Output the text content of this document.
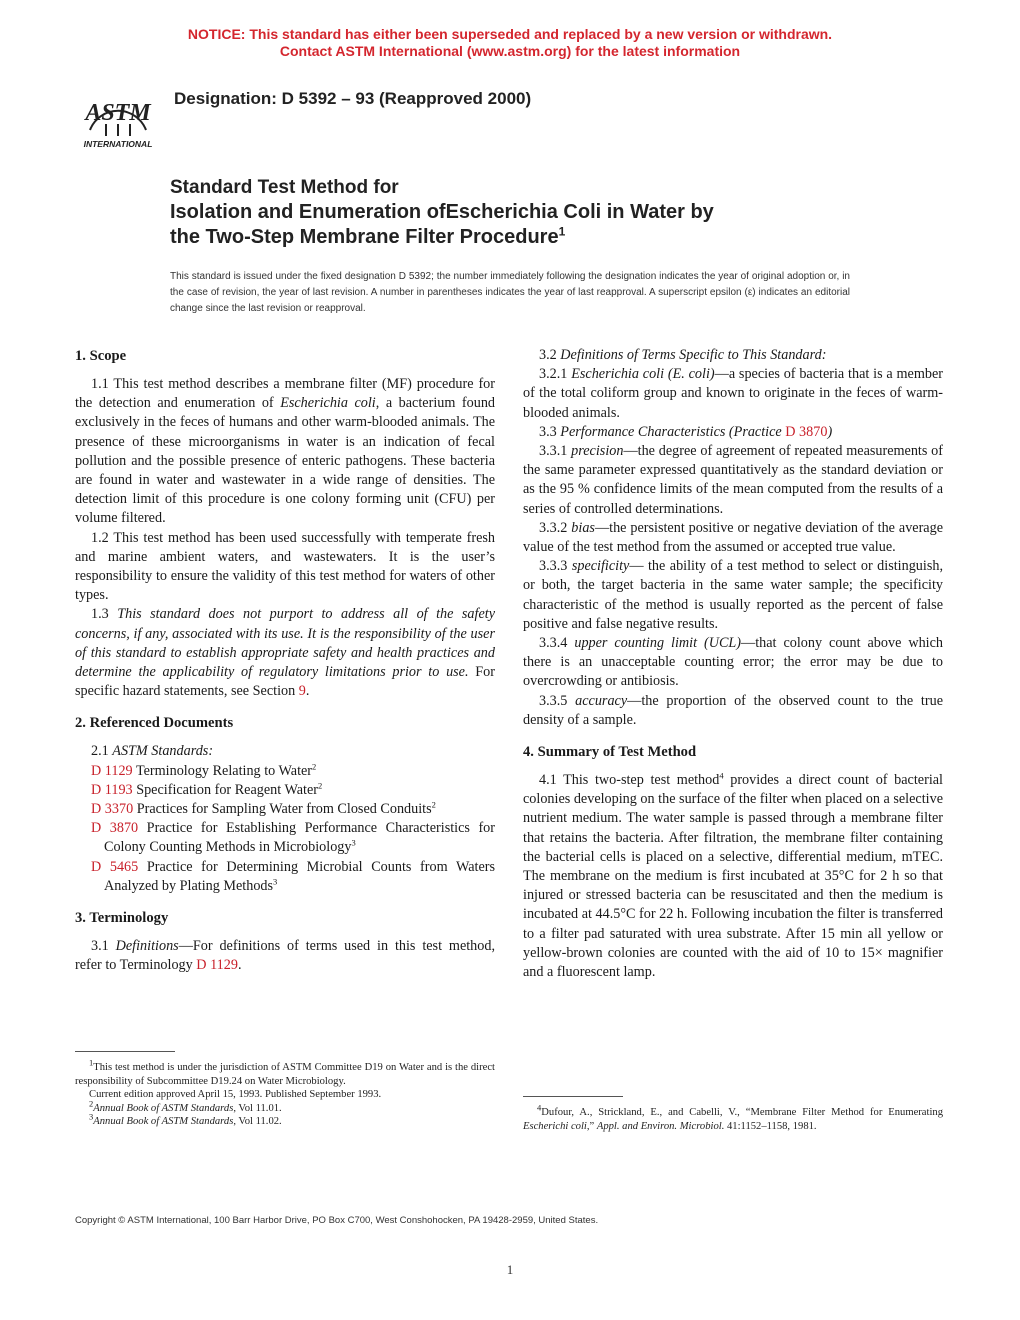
NOTICE: This standard has either been superseded and replaced by a new version or withdrawn.
Contact ASTM International (www.astm.org) for the latest information
ASTM
INTERNATIONAL
Designation: D 5392 – 93 (Reapproved 2000)
Standard Test Method for
Isolation and Enumeration ofEscherichia Coli in Water by
the Two-Step Membrane Filter Procedure$^1$
This standard is issued under the fixed designation D 5392; the number immediately following the designation indicates the year of original adoption or, in the case of revision, the year of last revision. A number in parentheses indicates the year of last reapproval. A superscript epsilon (ε) indicates an editorial change since the last revision or reapproval.
1. Scope

1.1 This test method describes a membrane filter (MF) procedure for the detection and enumeration of Escherichia coli, a bacterium found exclusively in the feces of humans and other warm-blooded animals. The presence of these microorganisms in water is an indication of fecal pollution and the possible presence of enteric pathogens. These bacteria are found in water and wastewater in a wide range of densities. The detection limit of this procedure is one colony forming unit (CFU) per volume filtered.

1.2 This test method has been used successfully with temperate fresh and marine ambient waters, and wastewaters. It is the user’s responsibility to ensure the validity of this test method for waters of other types.

1.3 This standard does not purport to address all of the safety concerns, if any, associated with its use. It is the responsibility of the user of this standard to establish appropriate safety and health practices and determine the applicability of regulatory limitations prior to use. For specific hazard statements, see Section 9.

2. Referenced Documents

2.1 ASTM Standards:

D 1129 Terminology Relating to Water$^2$

D 1193 Specification for Reagent Water$^2$

D 3370 Practices for Sampling Water from Closed Conduits$^2$

D 3870 Practice for Establishing Performance Characteristics for Colony Counting Methods in Microbiology$^3$

D 5465 Practice for Determining Microbial Counts from Waters Analyzed by Plating Methods$^3$

3. Terminology

3.1 Definitions—For definitions of terms used in this test method, refer to Terminology D 1129.

$^1$This test method is under the jurisdiction of ASTM Committee D19 on Water and is the direct responsibility of Subcommittee D19.24 on Water Microbiology.

Current edition approved April 15, 1993. Published September 1993.

$^2$Annual Book of ASTM Standards, Vol 11.01.

$^3$Annual Book of ASTM Standards, Vol 11.02.

3.2 Definitions of Terms Specific to This Standard:

3.2.1 Escherichia coli (E. coli)—a species of bacteria that is a member of the total coliform group and known to originate in the feces of warm-blooded animals.

3.3 Performance Characteristics (Practice D 3870)

3.3.1 precision—the degree of agreement of repeated measurements of the same parameter expressed quantitatively as the standard deviation or as the 95 % confidence limits of the mean computed from the results of a series of controlled determinations.

3.3.2 bias—the persistent positive or negative deviation of the average value of the test method from the assumed or accepted true value.

3.3.3 specificity— the ability of a test method to select or distinguish, or both, the target bacteria in the same water sample; the specificity characteristic of the method is usually reported as the percent of false positive and false negative results.

3.3.4 upper counting limit (UCL)—that colony count above which there is an unacceptable counting error; the error may be due to overcrowding or antibiosis.

3.3.5 accuracy—the proportion of the observed count to the true density of a sample.

4. Summary of Test Method

4.1 This two-step test method$^4$ provides a direct count of bacterial colonies developing on the surface of the filter when placed on a selective nutrient medium. The water sample is passed through a membrane filter that retains the bacteria. After filtration, the membrane filter containing the bacterial cells is placed on a selective, differential medium, mTEC. The membrane on the medium is first incubated at 35°C for 2 h so that injured or stressed bacteria can be resuscitated and then the medium is incubated at 44.5°C for 22 h. Following incubation the filter is transferred to a filter pad saturated with urea substrate. After 15 min all yellow or yellow-brown colonies are counted with the aid of 10 to 15× magnifier and a fluorescent lamp.

$^4$Dufour, A., Strickland, E., and Cabelli, V., “Membrane Filter Method for Enumerating Escherichi coli,” Appl. and Environ. Microbiol. 41:1152–1158, 1981.

Copyright © ASTM International, 100 Barr Harbor Drive, PO Box C700, West Conshohocken, PA 19428-2959, United States.
1
